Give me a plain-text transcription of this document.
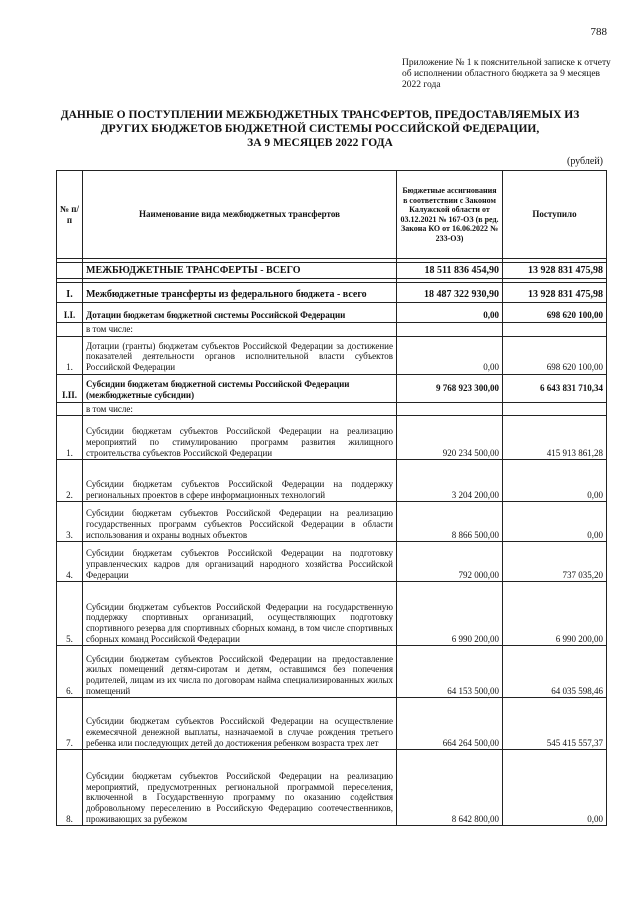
788
Приложение № 1 к пояснительной записке к отчету об исполнении областного бюджета за 9 месяцев 2022 года
ДАННЫЕ О ПОСТУПЛЕНИИ МЕЖБЮДЖЕТНЫХ ТРАНСФЕРТОВ, ПРЕДОСТАВЛЯЕМЫХ ИЗ
ДРУГИХ БЮДЖЕТОВ БЮДЖЕТНОЙ СИСТЕМЫ РОССИЙСКОЙ ФЕДЕРАЦИИ,
ЗА 9 МЕСЯЦЕВ 2022 ГОДА
(рублей)
№ п/п	Наименование вида межбюджетных трансфертов	Бюджетные ассигнования в соответствии с Законом Калужской области от 03.12.2021 № 167-ОЗ (в ред. Закона КО от 16.06.2022 № 233-ОЗ)	Поступило

	МЕЖБЮДЖЕТНЫЕ ТРАНСФЕРТЫ - ВСЕГО	18 511 836 454,90	13 928 831 475,98

I.	Межбюджетные трансферты из федерального бюджета - всего	18 487 322 930,90	13 928 831 475,98
I.I.	Дотации бюджетам бюджетной системы Российской Федерации	0,00	698 620 100,00
	в том числе:		
1.	Дотации (гранты) бюджетам субъектов Российской Федерации за достижение показателей деятельности органов исполнительной власти субъектов Российской Федерации	0,00	698 620 100,00
I.II.	Субсидии бюджетам бюджетной системы Российской Федерации (межбюджетные субсидии)	9 768 923 300,00	6 643 831 710,34
	в том числе:		
1.	Субсидии бюджетам субъектов Российской Федерации на реализацию мероприятий по стимулированию программ развития жилищного строительства субъектов Российской Федерации	920 234 500,00	415 913 861,28
2.	Субсидии бюджетам субъектов Российской Федерации на поддержку региональных проектов в сфере информационных технологий	3 204 200,00	0,00
3.	Субсидии бюджетам субъектов Российской Федерации на реализацию государственных программ субъектов Российской Федерации в области использования и охраны водных объектов	8 866 500,00	0,00
4.	Субсидии бюджетам субъектов Российской Федерации на подготовку управленческих кадров для организаций народного хозяйства Российской Федерации	792 000,00	737 035,20
5.	Субсидии бюджетам субъектов Российской Федерации на государственную поддержку спортивных организаций, осуществляющих подготовку спортивного резерва для спортивных сборных команд, в том числе спортивных сборных команд Российской Федерации	6 990 200,00	6 990 200,00
6.	Субсидии бюджетам субъектов Российской Федерации на предоставление жилых помещений детям-сиротам и детям, оставшимся без попечения родителей, лицам из их числа по договорам найма специализированных жилых помещений	64 153 500,00	64 035 598,46
7.	Субсидии бюджетам субъектов Российской Федерации на осуществление ежемесячной денежной выплаты, назначаемой в случае рождения третьего ребенка или последующих детей до достижения ребенком возраста трех лет	664 264 500,00	545 415 557,37
8.	Субсидии бюджетам субъектов Российской Федерации на реализацию мероприятий, предусмотренных региональной программой переселения, включенной в Государственную программу по оказанию содействия добровольному переселению в Российскую Федерацию соотечественников, проживающих за рубежом	8 642 800,00	0,00
